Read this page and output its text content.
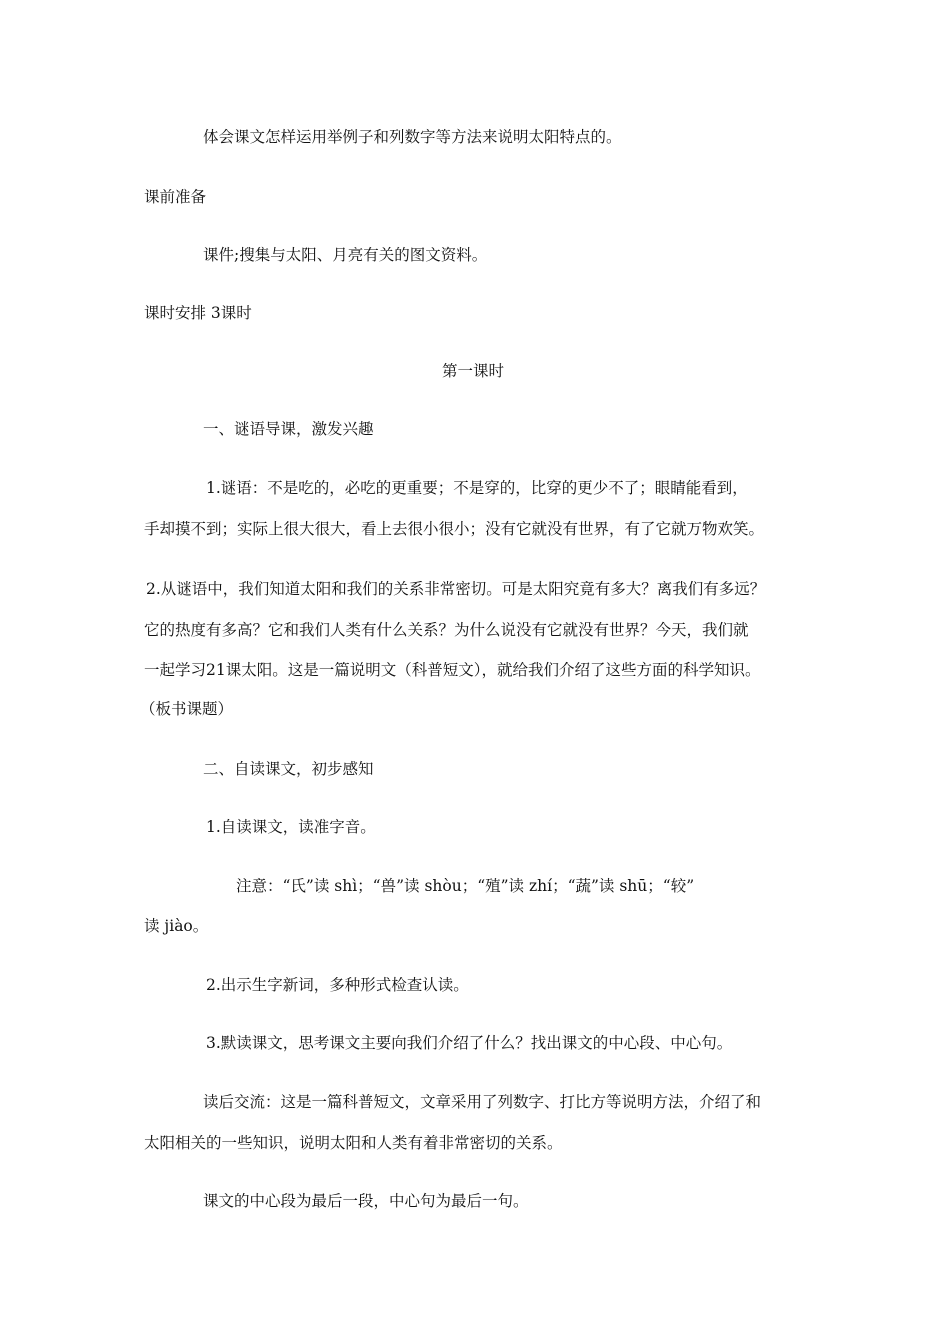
体会课文怎样运用举例子和列数字等方法来说明太阳特点的。
课前准备
课件;搜集与太阳、月亮有关的图文资料。
课时安排 3课时
第一课时
一、谜语导课，激发兴趣
1.谜语：不是吃的，必吃的更重要；不是穿的，比穿的更少不了；眼睛能看到，
手却摸不到；实际上很大很大，看上去很小很小；没有它就没有世界，有了它就万物欢笑。
2.从谜语中，我们知道太阳和我们的关系非常密切。可是太阳究竟有多大？离我们有多远？
它的热度有多高？它和我们人类有什么关系？为什么说没有它就没有世界？今天，我们就
一起学习21课太阳。这是一篇说明文（科普短文），就给我们介绍了这些方面的科学知识。
（板书课题）
二、自读课文，初步感知
1.自读课文，读准字音。
注意：“氏”读 shì；“兽”读 shòu；“殖”读 zhí；“蔬”读 shū；“较”
读 jiào。
2.出示生字新词，多种形式检查认读。
3.默读课文，思考课文主要向我们介绍了什么？找出课文的中心段、中心句。
读后交流：这是一篇科普短文，文章采用了列数字、打比方等说明方法，介绍了和
太阳相关的一些知识，说明太阳和人类有着非常密切的关系。
课文的中心段为最后一段，中心句为最后一句。
